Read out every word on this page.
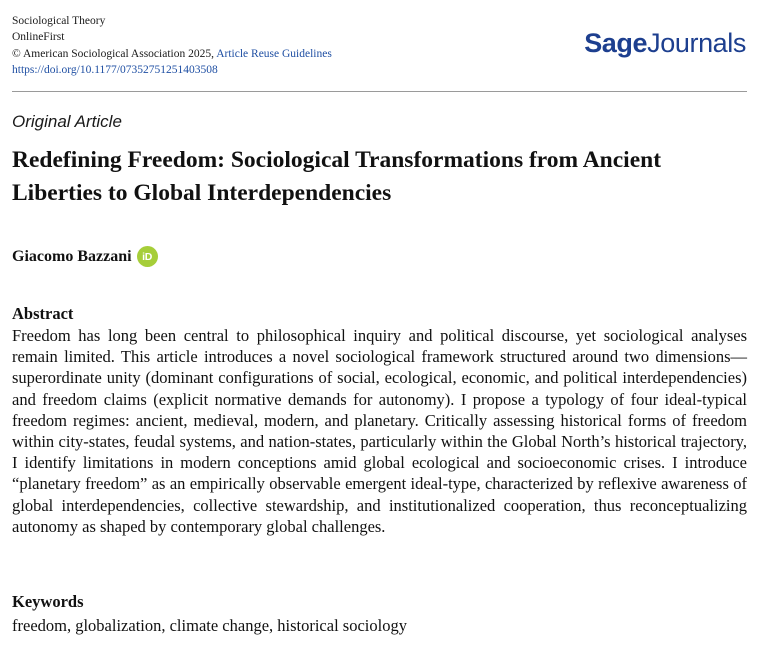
Sociological Theory
OnlineFirst
© American Sociological Association 2025, Article Reuse Guidelines
https://doi.org/10.1177/07352751251403508
SageJournals
Original Article
Redefining Freedom: Sociological Transformations from Ancient Liberties to Global Interdependencies
Giacomo Bazzani	iD
Abstract

Freedom has long been central to philosophical inquiry and political discourse, yet sociological analyses remain limited. This article introduces a novel sociological framework structured around two dimensions—superordinate unity (dominant configurations of social, ecological, economic, and political interdependencies) and freedom claims (explicit normative demands for autonomy). I propose a typology of four ideal-typical freedom regimes: ancient, medieval, modern, and planetary. Critically assessing historical forms of freedom within city-states, feudal systems, and nation-states, particularly within the Global North’s historical trajectory, I identify limitations in modern conceptions amid global ecological and socioeconomic crises. I introduce “planetary freedom” as an empirically observable emergent ideal-type, characterized by reflexive awareness of global interdependencies, collective stewardship, and institutionalized cooperation, thus reconceptualizing autonomy as shaped by contemporary global challenges.

Keywords
freedom, globalization, climate change, historical sociology
